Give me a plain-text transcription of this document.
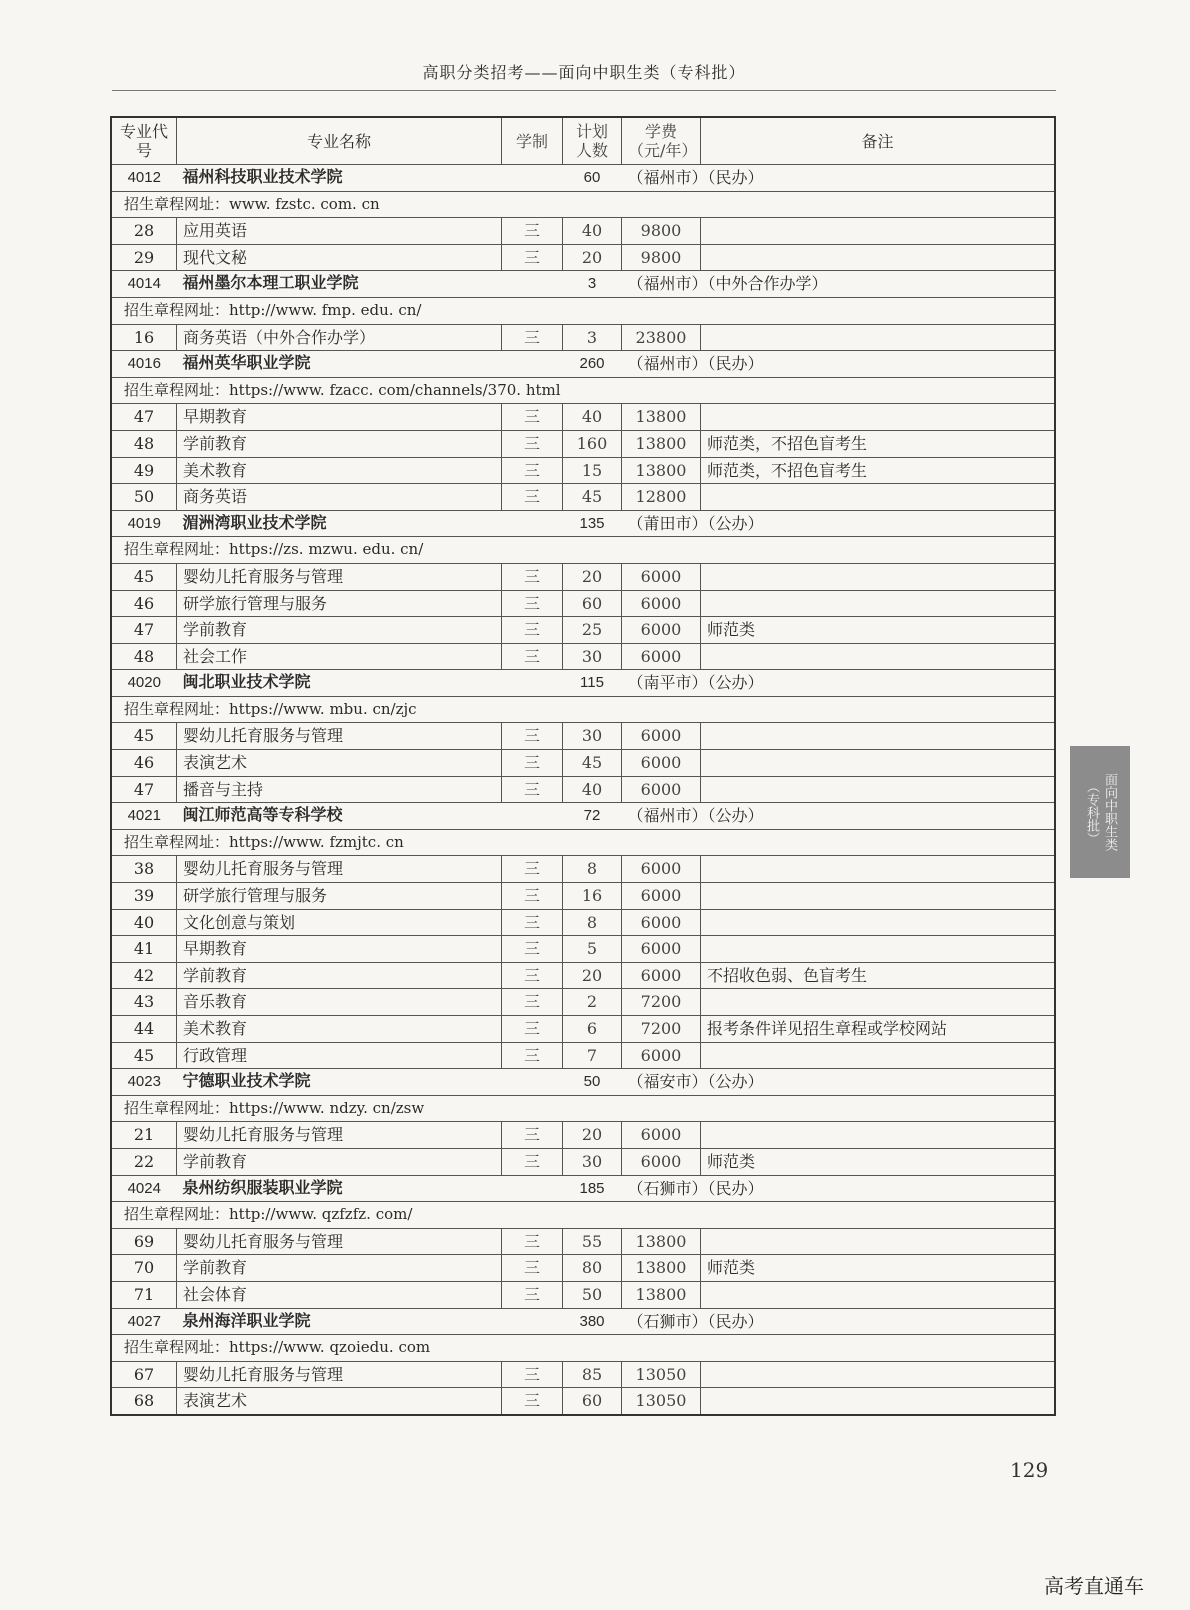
高职分类招考——面向中职生类（专科批）
专业代号	专业名称	学制	计划人数	学费（元/年）	备注
4012	福州科技职业技术学院		60	（福州市）（民办）	
招生章程网址：www. fzstc. com. cn					
28	应用英语	三	40	9800	
29	现代文秘	三	20	9800	
4014	福州墨尔本理工职业学院		3	（福州市）（中外合作办学）	
招生章程网址：http://www. fmp. edu. cn/					
16	商务英语（中外合作办学）	三	3	23800	
4016	福州英华职业学院		260	（福州市）（民办）	
招生章程网址：https://www. fzacc. com/channels/370. html					
47	早期教育	三	40	13800	
48	学前教育	三	160	13800	师范类，不招色盲考生
49	美术教育	三	15	13800	师范类，不招色盲考生
50	商务英语	三	45	12800	
4019	湄洲湾职业技术学院		135	（莆田市）（公办）	
招生章程网址：https://zs. mzwu. edu. cn/					
45	婴幼儿托育服务与管理	三	20	6000	
46	研学旅行管理与服务	三	60	6000	
47	学前教育	三	25	6000	师范类
48	社会工作	三	30	6000	
4020	闽北职业技术学院		115	（南平市）（公办）	
招生章程网址：https://www. mbu. cn/zjc					
45	婴幼儿托育服务与管理	三	30	6000	
46	表演艺术	三	45	6000	
47	播音与主持	三	40	6000	
4021	闽江师范高等专科学校		72	（福州市）（公办）	
招生章程网址：https://www. fzmjtc. cn					
38	婴幼儿托育服务与管理	三	8	6000	
39	研学旅行管理与服务	三	16	6000	
40	文化创意与策划	三	8	6000	
41	早期教育	三	5	6000	
42	学前教育	三	20	6000	不招收色弱、色盲考生
43	音乐教育	三	2	7200	
44	美术教育	三	6	7200	报考条件详见招生章程或学校网站
45	行政管理	三	7	6000	
4023	宁德职业技术学院		50	（福安市）（公办）	
招生章程网址：https://www. ndzy. cn/zsw					
21	婴幼儿托育服务与管理	三	20	6000	
22	学前教育	三	30	6000	师范类
4024	泉州纺织服装职业学院		185	（石狮市）（民办）	
招生章程网址：http://www. qzfzfz. com/					
69	婴幼儿托育服务与管理	三	55	13800	
70	学前教育	三	80	13800	师范类
71	社会体育	三	50	13800	
4027	泉州海洋职业学院		380	（石狮市）（民办）	
招生章程网址：https://www. qzoiedu. com					
67	婴幼儿托育服务与管理	三	85	13050	
68	表演艺术	三	60	13050	
面向中职生类
（专科批）
129
高考直通车
